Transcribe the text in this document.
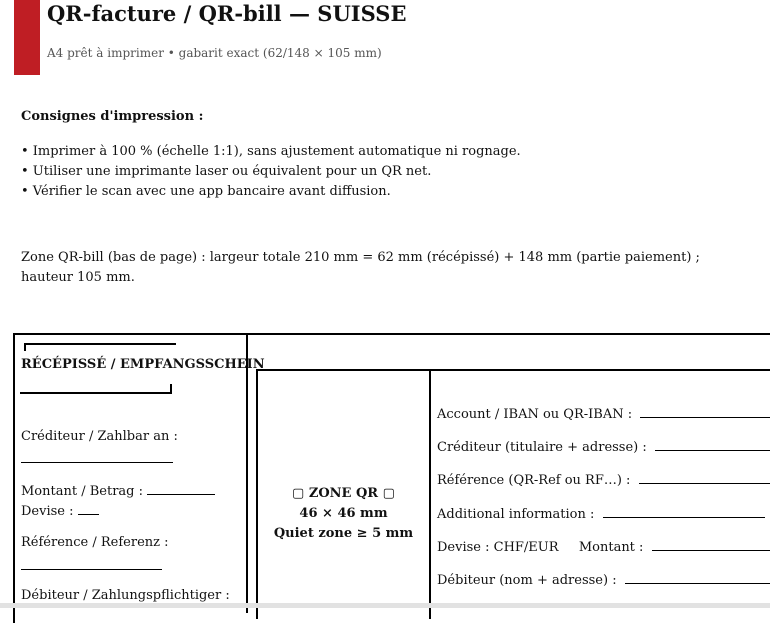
QR-facture / QR-bill — SUISSE
A4 prêt à imprimer • gabarit exact (62/148 × 105 mm)
Consignes d'impression :
• Imprimer à 100 % (échelle 1:1), sans ajustement automatique ni rognage.
• Utiliser une imprimante laser ou équivalent pour un QR net.
• Vérifier le scan avec une app bancaire avant diffusion.
Zone QR-bill (bas de page) : largeur totale 210 mm = 62 mm (récépissé) + 148 mm (partie paiement) ; hauteur 105 mm.
RÉCÉPISSÉ / EMPFANGSSCHEIN
Créditeur / Zahlbar an :
Montant / Betrag :
Devise :
Référence / Referenz :
Débiteur / Zahlungspflichtiger :
▢ ZONE QR ▢
46 × 46 mm
Quiet zone ≥ 5 mm
Account / IBAN ou QR-IBAN :
Créditeur (titulaire + adresse) :
Référence (QR-Ref ou RF…) :
Additional information :
Devise : CHF/EUR Montant :
Débiteur (nom + adresse) :
